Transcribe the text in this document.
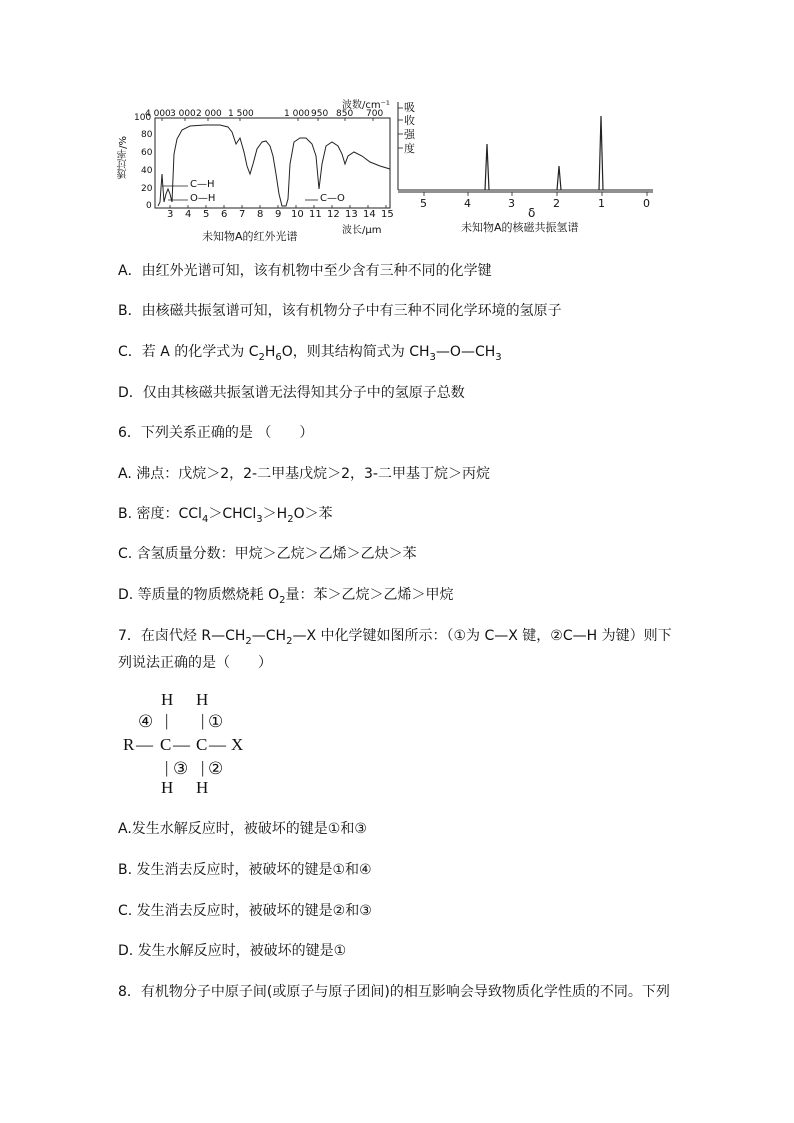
波数/cm⁻¹
4 000 3 000 2 000 1 500	1 000 950 850 700
透过率/%
100
80
60
40
20
0
C—H
O—H	C—O
3 4 5 6 7 8 9 10 11 12 13 14 15
波长/μm
未知物A的红外光谱
吸
收
强
度
5	4	3	2	1	0
δ
未知物A的核磁共振氢谱
A．由红外光谱可知，该有机物中至少含有三种不同的化学键
B．由核磁共振氢谱可知，该有机物分子中有三种不同化学环境的氢原子
C．若 A 的化学式为 $C_2H_6O$，则其结构简式为 $CH_3—O—CH_3$
D．仅由其核磁共振氢谱无法得知其分子中的氢原子总数
6．下列关系正确的是 （　　）
A. 沸点：戊烷＞2，2-二甲基戊烷＞2，3-二甲基丁烷＞丙烷
B. 密度：$CCl_4>CHCl_3>H_2O>$苯
C. 含氢质量分数：甲烷＞乙烷＞乙烯＞乙炔＞苯
D. 等质量的物质燃烧耗 $O_2$量：苯＞乙烷＞乙烯＞甲烷
7．在卤代烃 $R—CH_2—CH_2—X$ 中化学键如图所示：（①为 C—X 键，②C—H 为键）则下
列说法正确的是（　　）
H H
④ | | ①
R — C — C — X
| ③ | ②
H H
A.发生水解反应时，被破坏的键是①和③
B. 发生消去反应时，被破坏的键是①和④
C. 发生消去反应时，被破坏的键是②和③
D. 发生水解反应时，被破坏的键是①
8．有机物分子中原子间(或原子与原子团间)的相互影响会导致物质化学性质的不同。下列
